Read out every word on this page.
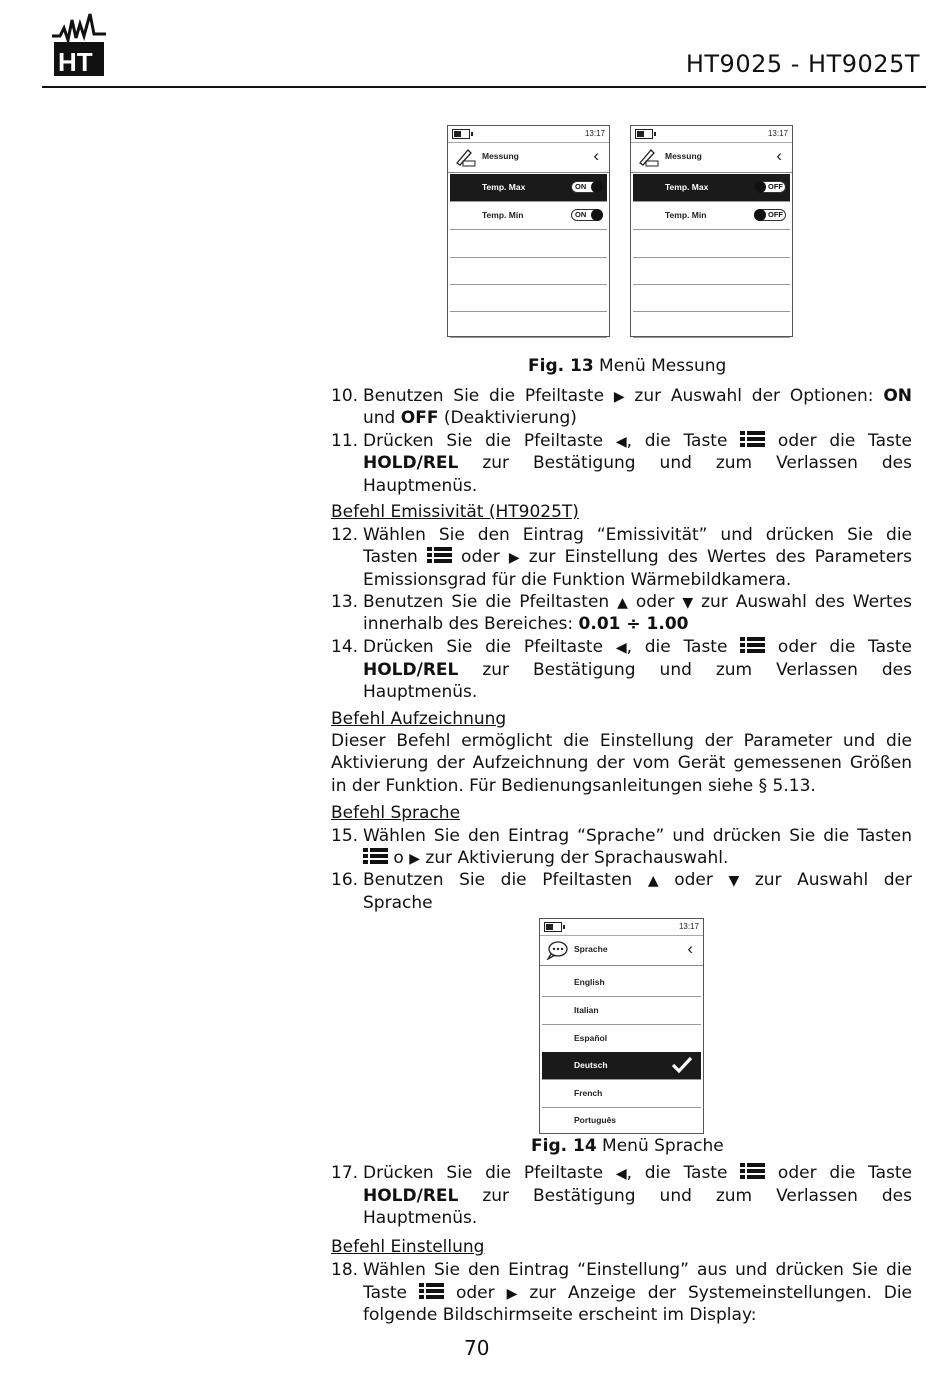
HT	HT9025 - HT9025T
13:17
Messung	‹
Temp. Max	ON
Temp. Min	ON
13:17
Messung	‹
Temp. Max	OFF
Temp. Min	OFF
Fig. 13 Menü Messung
10. Benutzen Sie die Pfeiltaste ▶ zur Auswahl der Optionen: ON
und OFF (Deaktivierung)
11. Drücken Sie die Pfeiltaste ◀, die Taste  oder die Taste
HOLD/REL zur Bestätigung und zum Verlassen des
Hauptmenüs.
Befehl Emissivität (HT9025T)
12. Wählen Sie den Eintrag “Emissivität” und drücken Sie die
Tasten  oder ▶ zur Einstellung des Wertes des Parameters
Emissionsgrad für die Funktion Wärmebildkamera.
13. Benutzen Sie die Pfeiltasten ▲ oder ▼ zur Auswahl des Wertes
innerhalb des Bereiches: 0.01 ÷ 1.00
14. Drücken Sie die Pfeiltaste ◀, die Taste  oder die Taste
HOLD/REL zur Bestätigung und zum Verlassen des
Hauptmenüs.
Befehl Aufzeichnung
Dieser Befehl ermöglicht die Einstellung der Parameter und die
Aktivierung der Aufzeichnung der vom Gerät gemessenen Größen
in der Funktion. Für Bedienungsanleitungen siehe § 5.13.
Befehl Sprache
15. Wählen Sie den Eintrag “Sprache” und drücken Sie die Tasten
o ▶ zur Aktivierung der Sprachauswahl.
16. Benutzen Sie die Pfeiltasten ▲ oder ▼ zur Auswahl der
Sprache
13:17
Sprache	‹
English
Italian
Español
Deutsch
French
Português
Fig. 14 Menü Sprache
17. Drücken Sie die Pfeiltaste ◀, die Taste  oder die Taste
HOLD/REL zur Bestätigung und zum Verlassen des
Hauptmenüs.
Befehl Einstellung
18. Wählen Sie den Eintrag “Einstellung” aus und drücken Sie die
Taste  oder ▶ zur Anzeige der Systemeinstellungen. Die
folgende Bildschirmseite erscheint im Display:
70
